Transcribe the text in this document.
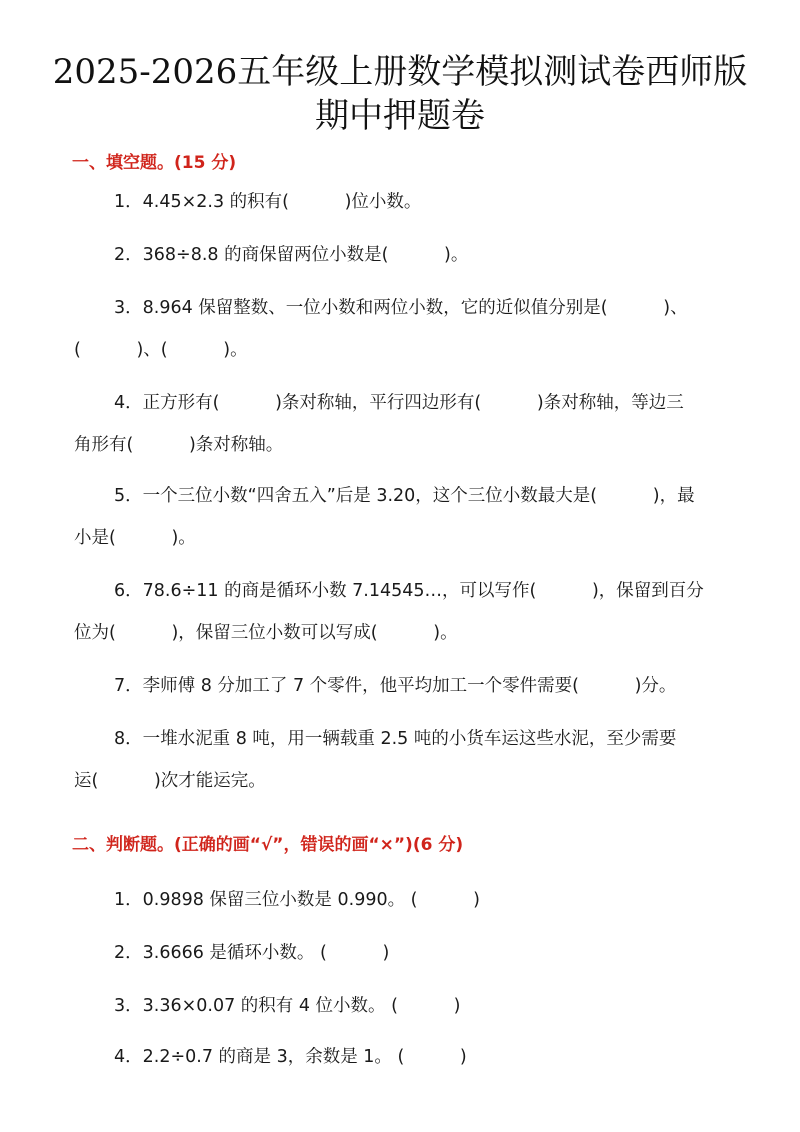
2025-2026五年级上册数学模拟测试卷西师版
期中押题卷
一、填空题。(15 分)
1．4.45×2.3 的积有(          )位小数。
2．368÷8.8 的商保留两位小数是(          )。
3．8.964 保留整数、一位小数和两位小数，它的近似值分别是(          )、
(          )、(          )。
4．正方形有(          )条对称轴，平行四边形有(          )条对称轴，等边三
角形有(          )条对称轴。
5．一个三位小数“四舍五入”后是 3.20，这个三位小数最大是(          )，最
小是(          )。
6．78.6÷11 的商是循环小数 7.14545…，可以写作(          )，保留到百分
位为(          )，保留三位小数可以写成(          )。
7．李师傅 8 分加工了 7 个零件，他平均加工一个零件需要(          )分。
8．一堆水泥重 8 吨，用一辆载重 2.5 吨的小货车运这些水泥，至少需要
运(          )次才能运完。
二、判断题。(正确的画“√”，错误的画“×”)(6 分)
1．0.9898 保留三位小数是 0.990。 (          )
2．3.6666 是循环小数。 (          )
3．3.36×0.07 的积有 4 位小数。 (          )
4．2.2÷0.7 的商是 3，余数是 1。 (          )
